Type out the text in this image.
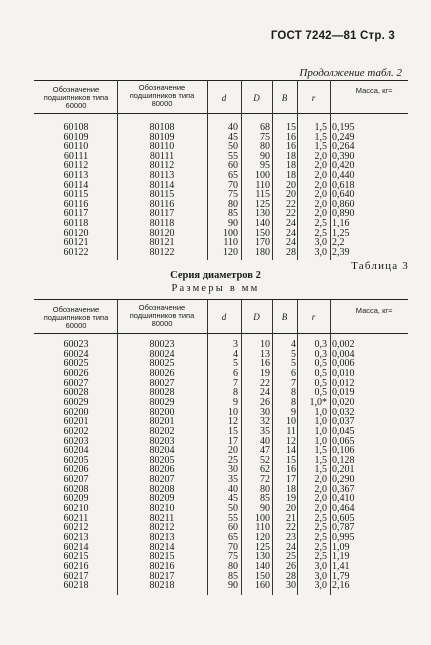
ГОСТ 7242—81 Стр. 3
Продолжение табл. 2
Обозначение подшипников типа 60000
Обозначение подшипников типа 80000
d	D	B	r
Масса, кг≈
60108	80108	40	68	15	1,5 0,195
60109	80109	45	75	16	1,5 0,249
60110	80110	50	80	16	1,5 0,264
60111	80111	55	90	18	2,0 0,390
60112	80112	60	95	18	2,0 0,420
60113	80113	65	100	18	2,0 0,440
60114	80114	70	110	20	2,0 0,618
60115	80115	75	115	20	2,0 0,640
60116	80116	80	125	22	2,0 0,860
60117	80117	85	130	22	2,0 0,890
60118	80118	90	140	24	2,5 1,16
60120	80120	100	150	24	2,5 1,25
60121	80121	110	170	24	3,0 2,2
60122	80122	120	180	28	3,0 2,39
Таблица 3
Серия диаметров 2
Размеры в мм
Обозначение подшипников типа 60000
Обозначение подшипников типа 80000
d	D	B	r
Масса, кг≈
60023	80023	3	10	4	0,3 0,002
60024	80024	4	13	5	0,3 0,004
60025	80025	5	16	5	0,5 0,006
60026	80026	6	19	6	0,5 0,010
60027	80027	7	22	7	0,5 0,012
60028	80028	8	24	8	0,5 0,019
60029	80029	9	26	8	1,0* 0,020
60200	80200	10	30	9	1,0 0,032
60201	80201	12	32	10	1,0 0,037
60202	80202	15	35	11	1,0 0,045
60203	80203	17	40	12	1,0 0,065
60204	80204	20	47	14	1,5 0,106
60205	80205	25	52	15	1,5 0,128
60206	80206	30	62	16	1,5 0,201
60207	80207	35	72	17	2,0 0,290
60208	80208	40	80	18	2,0 0,367
60209	80209	45	85	19	2,0 0,410
60210	80210	50	90	20	2,0 0,464
60211	80211	55	100	21	2,5 0,605
60212	80212	60	110	22	2,5 0,787
60213	80213	65	120	23	2,5 0,995
60214	80214	70	125	24	2,5 1,09
60215	80215	75	130	25	2,5 1,19
60216	80216	80	140	26	3,0 1,41
60217	80217	85	150	28	3,0 1,79
60218	80218	90	160	30	3,0 2,16
